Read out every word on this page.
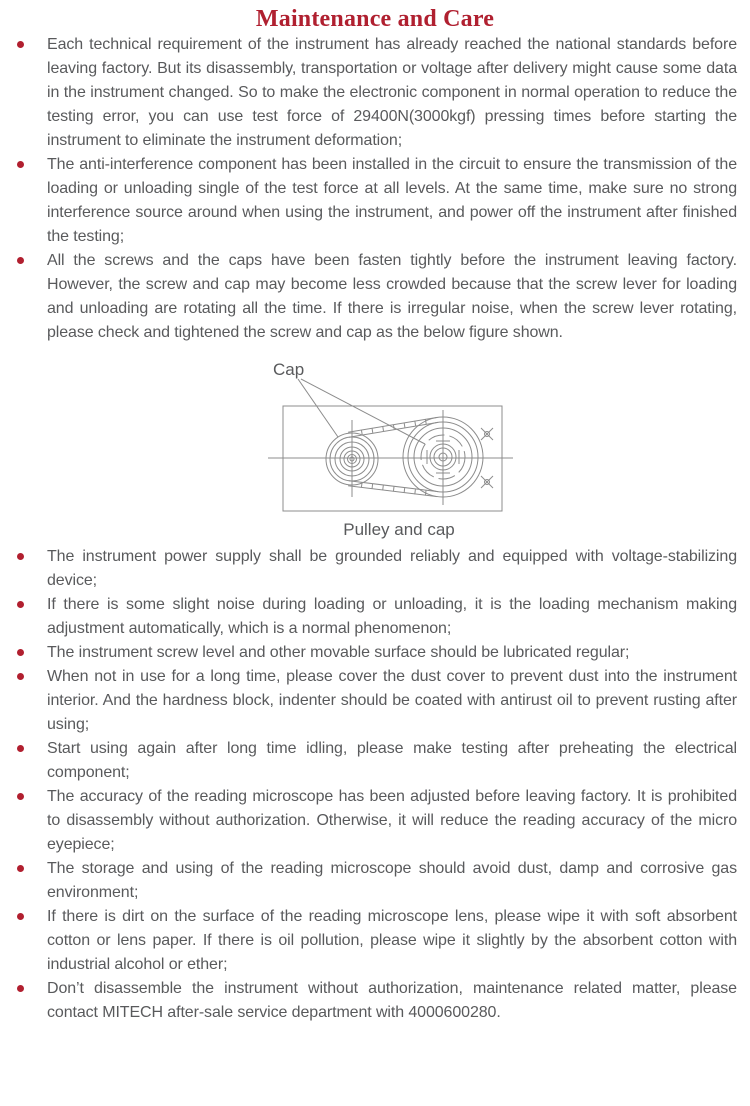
Maintenance and Care
Each technical requirement of the instrument has already reached the national standards before leaving factory. But its disassembly, transportation or voltage after delivery might cause some data in the instrument changed. So to make the electronic component in normal operation to reduce the testing error, you can use test force of 29400N(3000kgf) pressing times before starting the instrument to eliminate the instrument deformation;
The anti-interference component has been installed in the circuit to ensure the transmission of the loading or unloading single of the test force at all levels. At the same time, make sure no strong interference source around when using the instrument, and power off the instrument after finished the testing;
All the screws and the caps have been fasten tightly before the instrument leaving factory. However, the screw and cap may become less crowded because that the screw lever for loading and unloading are rotating all the time. If there is irregular noise, when the screw lever rotating, please check and tightened the screw and cap as the below figure shown.
Cap
Pulley and cap
The instrument power supply shall be grounded reliably and equipped with voltage-stabilizing device;
If there is some slight noise during loading or unloading, it is the loading mechanism making adjustment automatically, which is a normal phenomenon;
The instrument screw level and other movable surface should be lubricated regular;
When not in use for a long time, please cover the dust cover to prevent dust into the instrument interior. And the hardness block, indenter should be coated with antirust oil to prevent rusting after using;
Start using again after long time idling, please make testing after preheating the electrical component;
The accuracy of the reading microscope has been adjusted before leaving factory. It is prohibited to disassembly without authorization. Otherwise, it will reduce the reading accuracy of the micro eyepiece;
The storage and using of the reading microscope should avoid dust, damp and corrosive gas environment;
If there is dirt on the surface of the reading microscope lens, please wipe it with soft absorbent cotton or lens paper. If there is oil pollution, please wipe it slightly by the absorbent cotton with industrial alcohol or ether;
Don’t disassemble the instrument without authorization, maintenance related matter, please contact MITECH after-sale service department with 4000600280.
